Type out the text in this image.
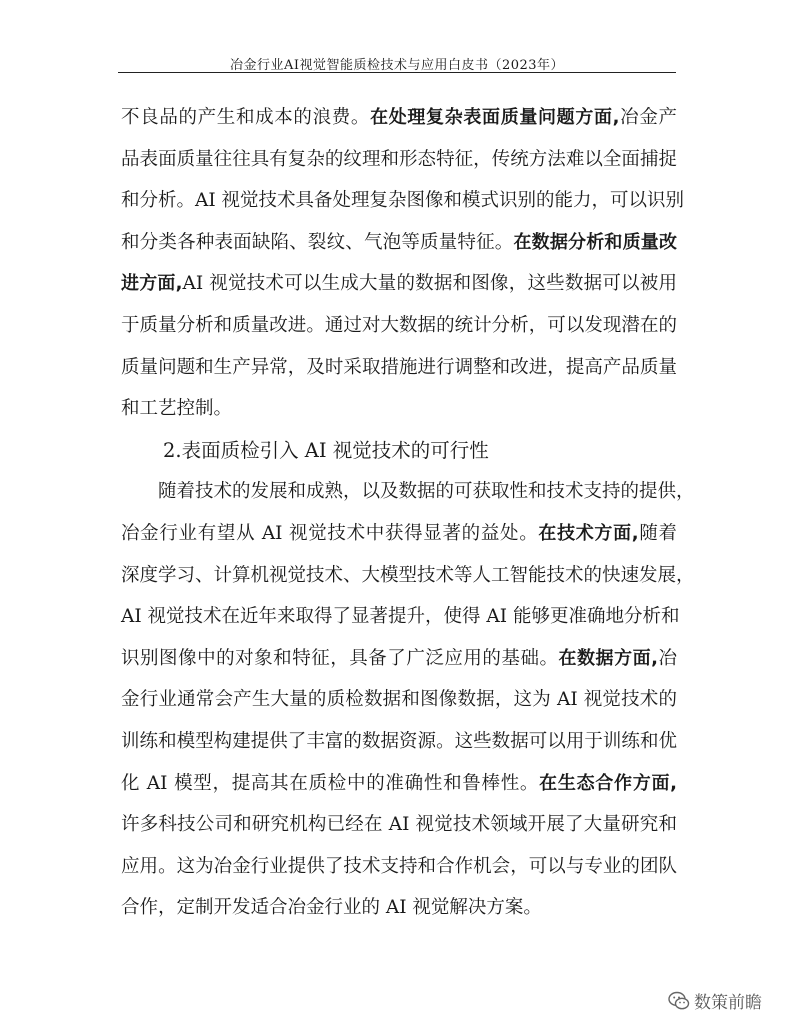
冶金行业AI视觉智能质检技术与应用白皮书（2023年）
不良品的产生和成本的浪费。在处理复杂表面质量问题方面,冶金产
品表面质量往往具有复杂的纹理和形态特征，传统方法难以全面捕捉
和分析。AI 视觉技术具备处理复杂图像和模式识别的能力，可以识别
和分类各种表面缺陷、裂纹、气泡等质量特征。在数据分析和质量改
进方面,AI 视觉技术可以生成大量的数据和图像，这些数据可以被用
于质量分析和质量改进。通过对大数据的统计分析，可以发现潜在的
质量问题和生产异常，及时采取措施进行调整和改进，提高产品质量
和工艺控制。
2.表面质检引入 AI 视觉技术的可行性
随着技术的发展和成熟，以及数据的可获取性和技术支持的提供，
冶金行业有望从 AI 视觉技术中获得显著的益处。在技术方面,随着
深度学习、计算机视觉技术、大模型技术等人工智能技术的快速发展，
AI 视觉技术在近年来取得了显著提升，使得 AI 能够更准确地分析和
识别图像中的对象和特征，具备了广泛应用的基础。在数据方面,冶
金行业通常会产生大量的质检数据和图像数据，这为 AI 视觉技术的
训练和模型构建提供了丰富的数据资源。这些数据可以用于训练和优
化 AI 模型，提高其在质检中的准确性和鲁棒性。在生态合作方面,
许多科技公司和研究机构已经在 AI 视觉技术领域开展了大量研究和
应用。这为冶金行业提供了技术支持和合作机会，可以与专业的团队
合作，定制开发适合冶金行业的 AI 视觉解决方案。
数策前瞻
